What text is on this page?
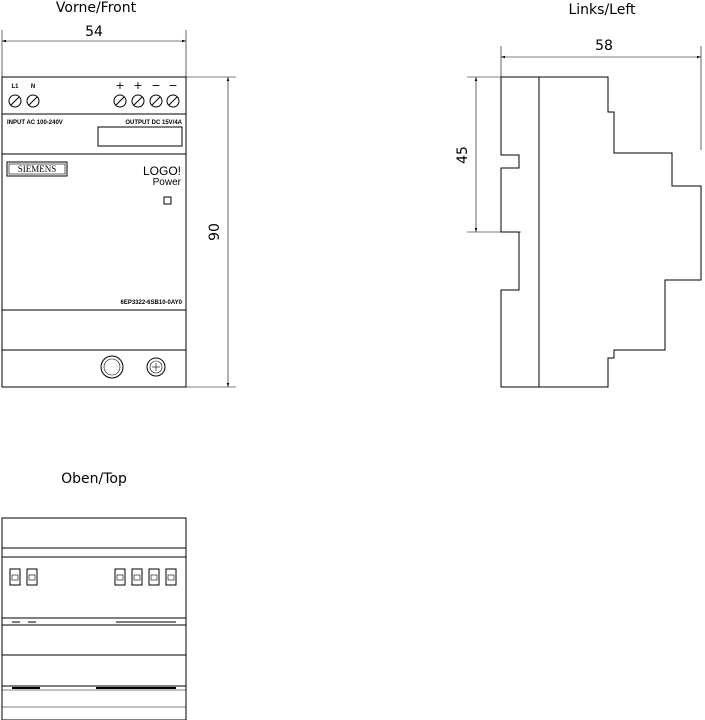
Vorne/Front
54
90
L1 N	+ + − −
INPUT AC 100-240V	OUTPUT DC 15V/4A
SIEMENS	LOGO!
Power
6EP3322-6SB10-0AY0
Links/Left
58
45
Oben/Top
